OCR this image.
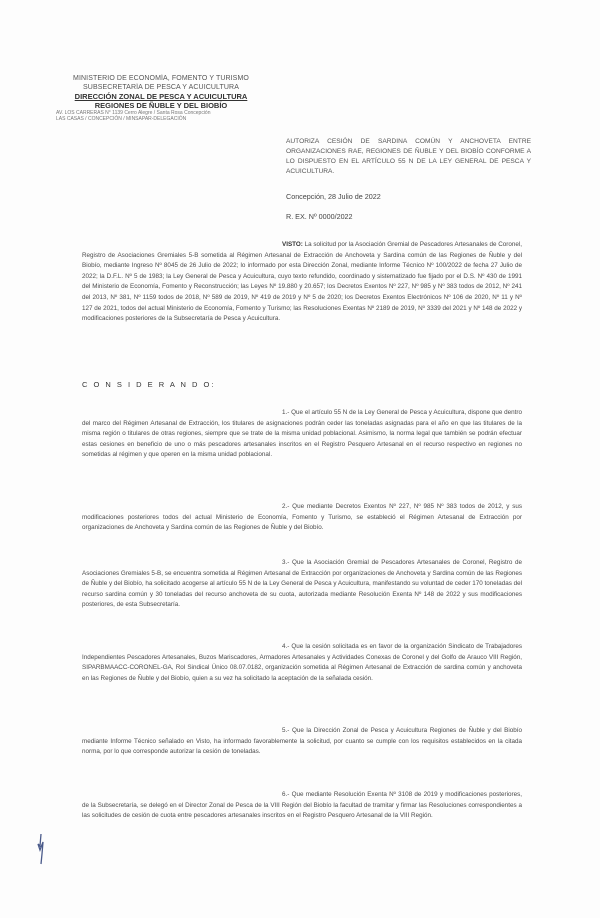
MINISTERIO DE ECONOMÍA, FOMENTO Y TURISMO
SUBSECRETARÍA DE PESCA Y ACUICULTURA
DIRECCIÓN ZONAL DE PESCA Y ACUICULTURA
REGIONES DE ÑUBLE Y DEL BIOBÍO
AV. LOS CARRERAS N° 1139 Cerro Alegre / Santa Rosa Concepción
LAS CASAS / CONCEPCIÓN / MINSAPAR-DELEGACIÓN
AUTORIZA CESIÓN DE SARDINA COMÚN Y ANCHOVETA ENTRE ORGANIZACIONES RAE, REGIONES DE ÑUBLE Y DEL BIOBÍO CONFORME A LO DISPUESTO EN EL ARTÍCULO 55 N DE LA LEY GENERAL DE PESCA Y ACUICULTURA.
Concepción, 28 Julio de 2022
R. EX. Nº 0000/2022
VISTO: La solicitud por la Asociación Gremial de Pescadores Artesanales de Coronel, Registro de Asociaciones Gremiales 5-B sometida al Régimen Artesanal de Extracción de Anchoveta y Sardina común de las Regiones de Ñuble y del Biobío, mediante Ingreso Nº 8045 de 26 Julio de 2022; lo informado por esta Dirección Zonal, mediante Informe Técnico Nº 100/2022 de fecha 27 Julio de 2022; la D.F.L. Nº 5 de 1983; la Ley General de Pesca y Acuicultura, cuyo texto refundido, coordinado y sistematizado fue fijado por el D.S. Nº 430 de 1991 del Ministerio de Economía, Fomento y Reconstrucción; las Leyes Nº 19.880 y 20.657; los Decretos Exentos Nº 227, Nº 985 y Nº 383 todos de 2012, Nº 241 del 2013, Nº 381, Nº 1159 todos de 2018, Nº 589 de 2019, Nº 419 de 2019 y Nº 5 de 2020; los Decretos Exentos Electrónicos Nº 106 de 2020, Nº 11 y Nº 127 de 2021, todos del actual Ministerio de Economía, Fomento y Turismo; las Resoluciones Exentas Nº 2189 de 2019, Nº 3339 del 2021 y Nº 148 de 2022 y modificaciones posteriores de la Subsecretaría de Pesca y Acuicultura.
C O N S I D E R A N D O:
1.- Que el artículo 55 N de la Ley General de Pesca y Acuicultura, dispone que dentro del marco del Régimen Artesanal de Extracción, los titulares de asignaciones podrán ceder las toneladas asignadas para el año en que las titulares de la misma región o titulares de otras regiones, siempre que se trate de la misma unidad poblacional. Asimismo, la norma legal que también se podrán efectuar estas cesiones en beneficio de uno o más pescadores artesanales inscritos en el Registro Pesquero Artesanal en el recurso respectivo en regiones no sometidas al régimen y que operen en la misma unidad poblacional.
2.- Que mediante Decretos Exentos Nº 227, Nº 985 Nº 383 todos de 2012, y sus modificaciones posteriores todos del actual Ministerio de Economía, Fomento y Turismo, se estableció el Régimen Artesanal de Extracción por organizaciones de Anchoveta y Sardina común de las Regiones de Ñuble y del Biobío.
3.- Que la Asociación Gremial de Pescadores Artesanales de Coronel, Registro de Asociaciones Gremiales 5-B, se encuentra sometida al Régimen Artesanal de Extracción por organizaciones de Anchoveta y Sardina común de las Regiones de Ñuble y del Biobío, ha solicitado acogerse al artículo 55 N de la Ley General de Pesca y Acuicultura, manifestando su voluntad de ceder 170 toneladas del recurso sardina común y 30 toneladas del recurso anchoveta de su cuota, autorizada mediante Resolución Exenta Nº 148 de 2022 y sus modificaciones posteriores, de esta Subsecretaría.
4.- Que la cesión solicitada es en favor de la organización Sindicato de Trabajadores Independientes Pescadores Artesanales, Buzos Mariscadores, Armadores Artesanales y Actividades Conexas de Coronel y del Golfo de Arauco VIII Región, SIPARBMAACC-CORONEL-GA, Rol Sindical Único 08.07.0182, organización sometida al Régimen Artesanal de Extracción de sardina común y anchoveta en las Regiones de Ñuble y del Biobío, quien a su vez ha solicitado la aceptación de la señalada cesión.
5.- Que la Dirección Zonal de Pesca y Acuicultura Regiones de Ñuble y del Biobío mediante Informe Técnico señalado en Visto, ha informado favorablemente la solicitud, por cuanto se cumple con los requisitos establecidos en la citada norma, por lo que corresponde autorizar la cesión de toneladas.
6.- Que mediante Resolución Exenta Nº 3108 de 2019 y modificaciones posteriores, de la Subsecretaría, se delegó en el Director Zonal de Pesca de la VIII Región del Biobío la facultad de tramitar y firmar las Resoluciones correspondientes a las solicitudes de cesión de cuota entre pescadores artesanales inscritos en el Registro Pesquero Artesanal de la VIII Región.
